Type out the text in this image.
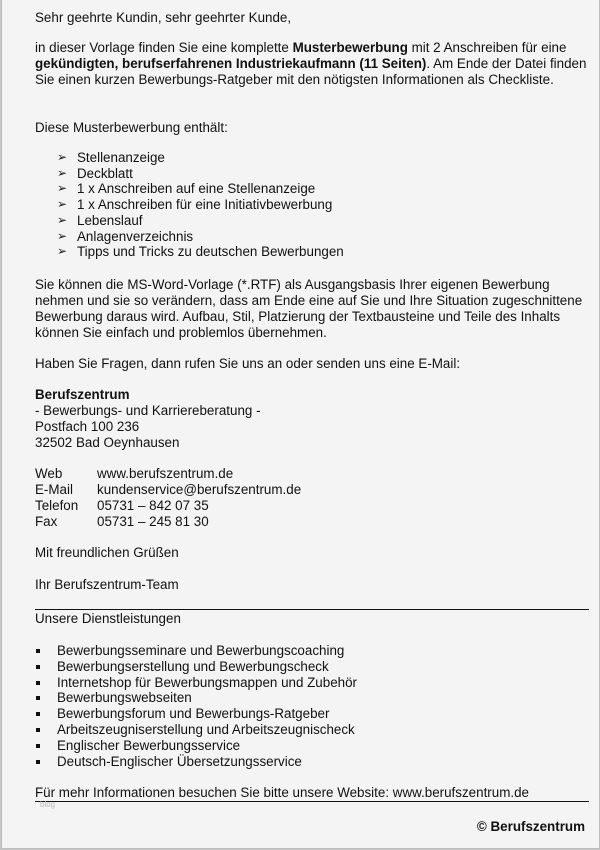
Sehr geehrte Kundin, sehr geehrter Kunde,
in dieser Vorlage finden Sie eine komplette Musterbewerbung mit 2 Anschreiben für eine gekündigten, berufserfahrenen Industriekaufmann (11 Seiten). Am Ende der Datei finden Sie einen kurzen Bewerbungs-Ratgeber mit den nötigsten Informationen als Checkliste.
Diese Musterbewerbung enthält:
➢ Stellenanzeige
➢ Deckblatt
➢ 1 x Anschreiben auf eine Stellenanzeige
➢ 1 x Anschreiben für eine Initiativbewerbung
➢ Lebenslauf
➢ Anlagenverzeichnis
➢ Tipps und Tricks zu deutschen Bewerbungen
Sie können die MS-Word-Vorlage (*.RTF) als Ausgangsbasis Ihrer eigenen Bewerbung nehmen und sie so verändern, dass am Ende eine auf Sie und Ihre Situation zugeschnittene Bewerbung daraus wird. Aufbau, Stil, Platzierung der Textbausteine und Teile des Inhalts können Sie einfach und problemlos übernehmen.
Haben Sie Fragen, dann rufen Sie uns an oder senden uns eine E-Mail:
Berufszentrum
- Bewerbungs- und Karriereberatung -
Postfach 100 236
32502 Bad Oeynhausen
Web	www.berufszentrum.de
E-Mail	kundenservice@berufszentrum.de
Telefon	05731 – 842 07 35
Fax	05731 – 245 81 30
Mit freundlichen Grüßen
Ihr Berufszentrum-Team
Unsere Dienstleistungen
Bewerbungsseminare und Bewerbungscoaching
Bewerbungserstellung und Bewerbungscheck
Internetshop für Bewerbungsmappen und Zubehör
Bewerbungswebseiten
Bewerbungsforum und Bewerbungs-Ratgeber
Arbeitszeugniserstellung und Arbeitszeugnischeck
Englischer Bewerbungsservice
Deutsch-Englischer Übersetzungsservice
Für mehr Informationen besuchen Sie bitte unsere Website: www.berufszentrum.de
blog
© Berufszentrum
